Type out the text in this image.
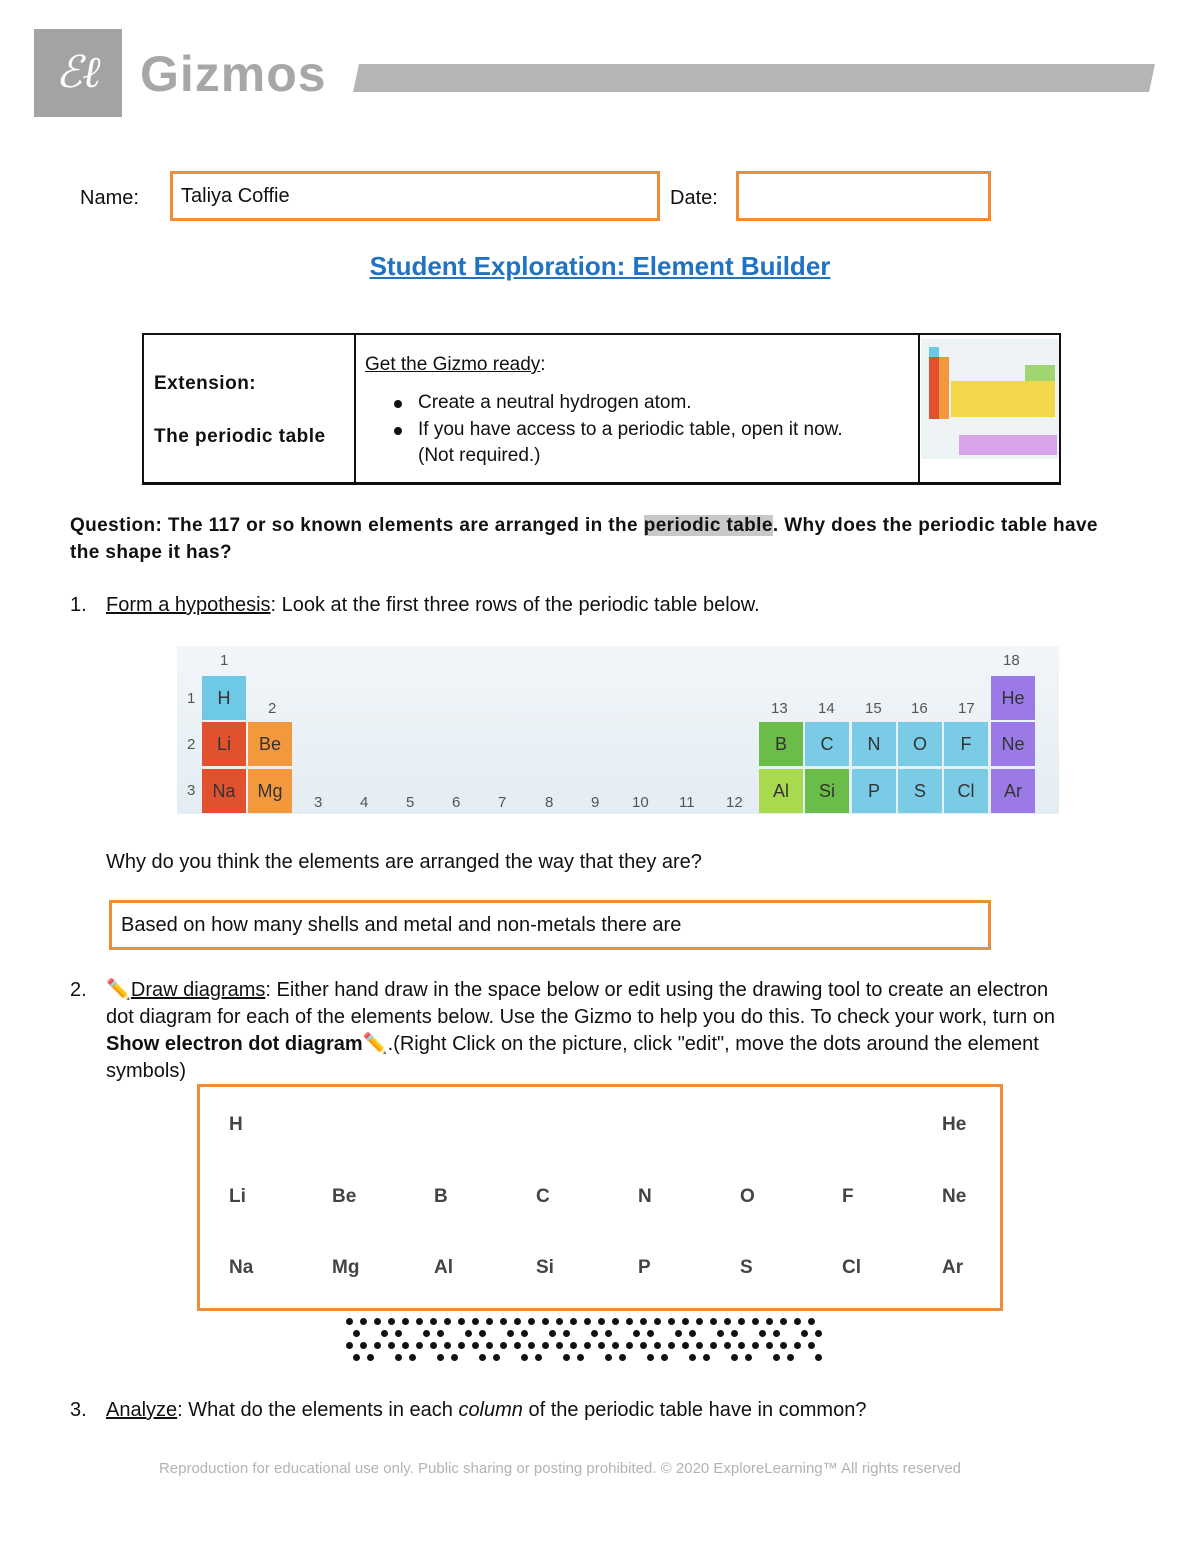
ℰℓ Gizmos
Name:	Taliya Coffie	Date:
Student Exploration: Element Builder
Extension:
The periodic table
Get the Gizmo ready:
Create a neutral hydrogen atom.
If you have access to a periodic table, open it now.
(Not required.)
Question: The 117 or so known elements are arranged in the periodic table. Why does the periodic table have the shape it has?
1. Form a hypothesis: Look at the first three rows of the periodic table below.
1
2
3	4	5	6	7	8	9 10 11 12
13 14 15 16 17
18
1
2
3
H	He
Li	Be	B	C	N	O	F	Ne
Na	Mg	Al	Si	P	S	Cl	Ar
Why do you think the elements are arranged the way that they are?
Based on how many shells and metal and non-metals there are
2. ✏️Draw diagrams: Either hand draw in the space below or edit using the drawing tool to create an electron
dot diagram for each of the elements below. Use the Gizmo to help you do this. To check your work, turn on
Show electron dot diagram✏️.(Right Click on the picture, click "edit", move the dots around the element
symbols)
H	He
Li	Be	B	C	N	O	F	Ne
Na	Mg	Al	Si	P	S	Cl	Ar
3. Analyze: What do the elements in each column of the periodic table have in common?
Reproduction for educational use only. Public sharing or posting prohibited. © 2020 ExploreLearning™ All rights reserved
